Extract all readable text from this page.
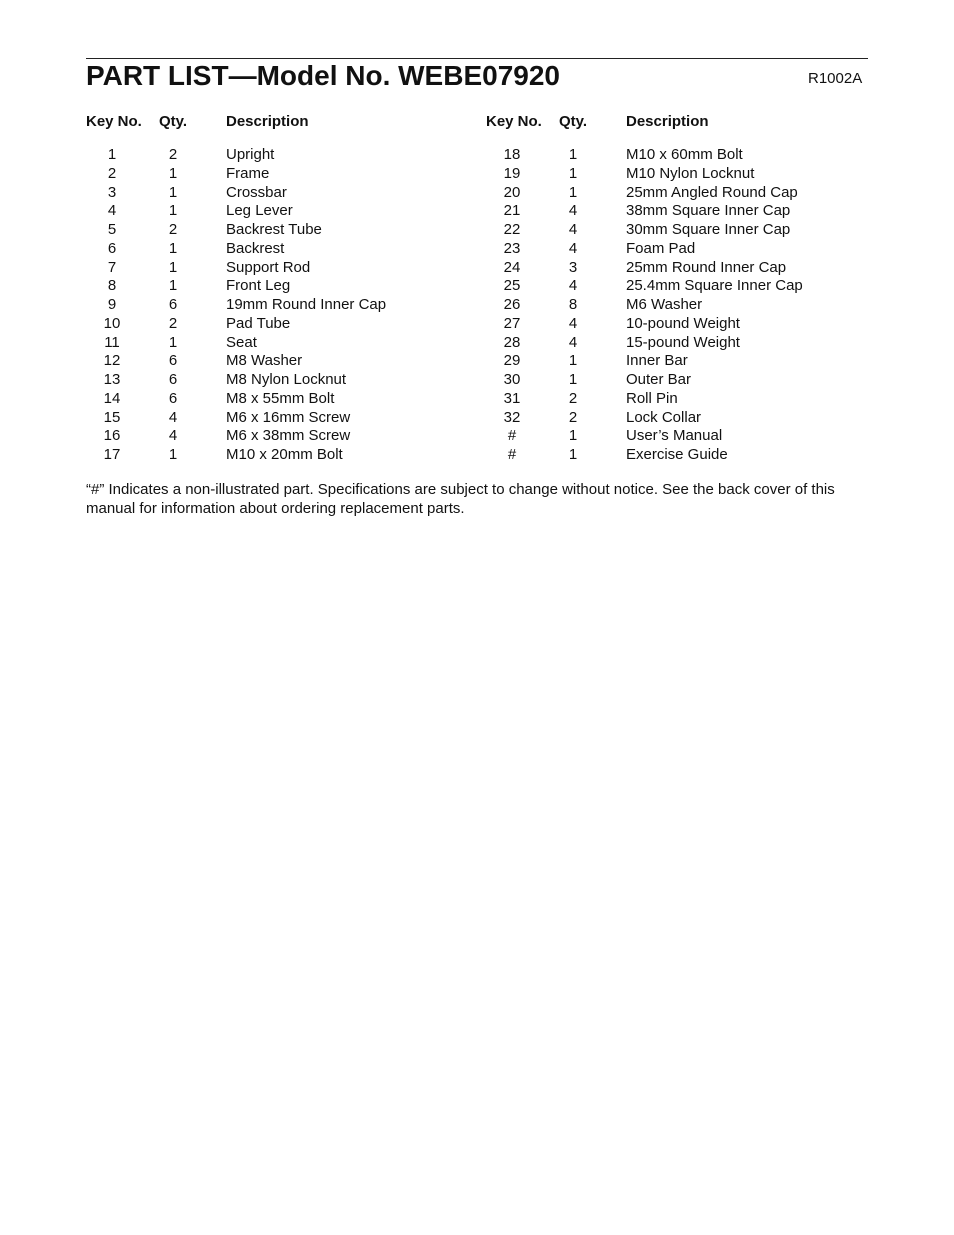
PART LIST—Model No. WEBE07920	R1002A
Key No. Qty.	Description
1	2	Upright
2	1	Frame
3	1	Crossbar
4	1	Leg Lever
5	2	Backrest Tube
6	1	Backrest
7	1	Support Rod
8	1	Front Leg
9	6	19mm Round Inner Cap
10	2	Pad Tube
11	1	Seat
12	6	M8 Washer
13	6	M8 Nylon Locknut
14	6	M8 x 55mm Bolt
15	4	M6 x 16mm Screw
16	4	M6 x 38mm Screw
17	1	M10 x 20mm Bolt
Key No. Qty.	Description
18	1	M10 x 60mm Bolt
19	1	M10 Nylon Locknut
20	1	25mm Angled Round Cap
21	4	38mm Square Inner Cap
22	4	30mm Square Inner Cap
23	4	Foam Pad
24	3	25mm Round Inner Cap
25	4	25.4mm Square Inner Cap
26	8	M6 Washer
27	4	10-pound Weight
28	4	15-pound Weight
29	1	Inner Bar
30	1	Outer Bar
31	2	Roll Pin
32	2	Lock Collar
#	1	User’s Manual
#	1	Exercise Guide
“#” Indicates a non-illustrated part. Specifications are subject to change without notice. See the back cover of this manual for information about ordering replacement parts.
